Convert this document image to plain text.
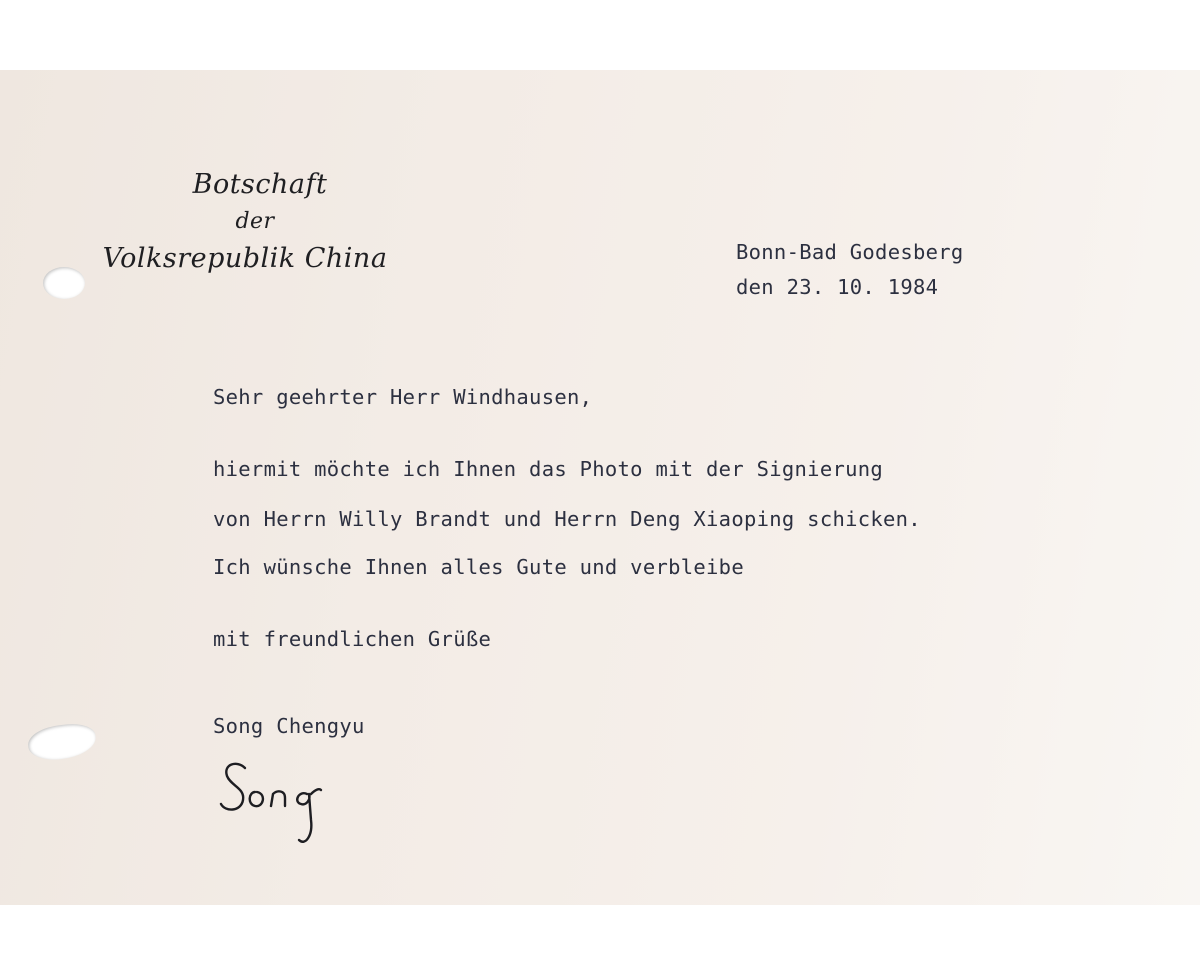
Botschaft
der
Volksrepublik China	Bonn-Bad Godesberg
den 23. 10. 1984
Sehr geehrter Herr Windhausen,
hiermit möchte ich Ihnen das Photo mit der Signierung
von Herrn Willy Brandt und Herrn Deng Xiaoping schicken.
Ich wünsche Ihnen alles Gute und verbleibe
mit freundlichen Grüße
Song Chengyu
